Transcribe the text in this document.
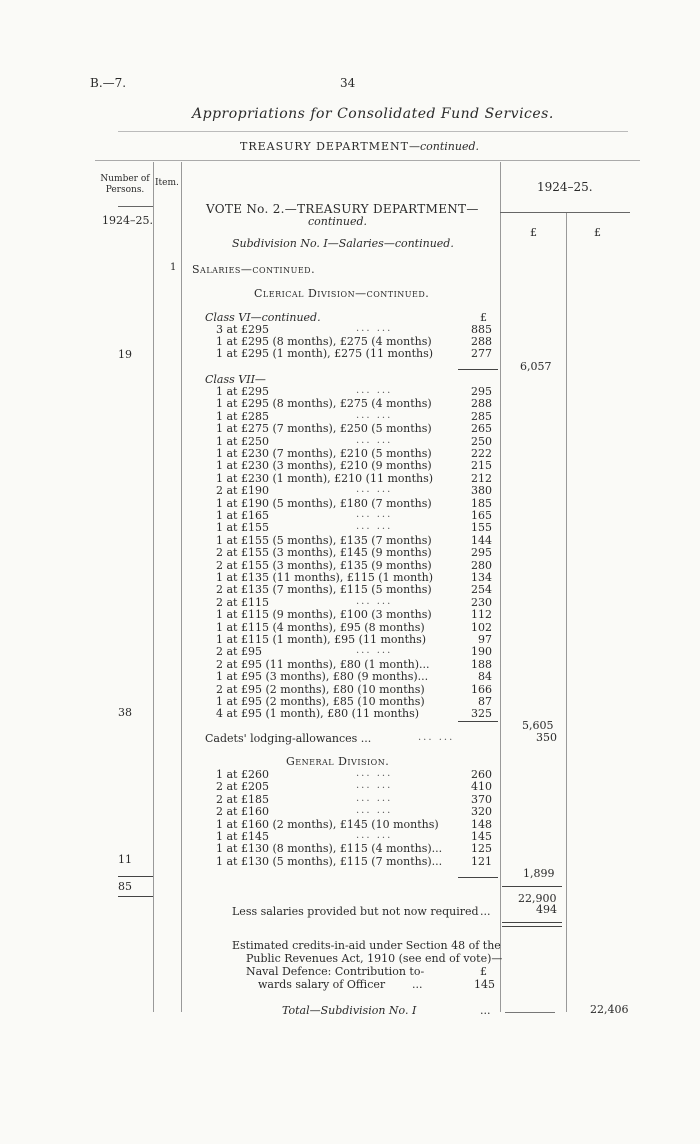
B.—7.	34
Appropriations for Consolidated Fund Services.
TREASURY DEPARTMENT—continued.
Number of Persons.
Item.	1924–25.
1924–25.
£	£
VOTE No. 2.—TREASURY DEPARTMENT—
continued.
Subdivision No. I—Salaries—continued.
1 Salaries—continued.
Clerical Division—continued.
Class VI—continued.	£
3 at £295	... ...	885
1 at £295 (8 months), £275 (4 months)	288
1 at £295 (1 month), £275 (11 months)	277
19
6,057
Class VII—
1 at £295	... ...	295
1 at £295 (8 months), £275 (4 months)	288
1 at £285	... ...	285
1 at £275 (7 months), £250 (5 months)	265
1 at £250	... ...	250
1 at £230 (7 months), £210 (5 months)	222
1 at £230 (3 months), £210 (9 months)	215
1 at £230 (1 month), £210 (11 months)	212
2 at £190	... ...	380
1 at £190 (5 months), £180 (7 months)	185
1 at £165	... ...	165
1 at £155	... ...	155
1 at £155 (5 months), £135 (7 months)	144
2 at £155 (3 months), £145 (9 months)	295
2 at £155 (3 months), £135 (9 months)	280
1 at £135 (11 months), £115 (1 month)	134
2 at £135 (7 months), £115 (5 months)	254
2 at £115	... ...	230
1 at £115 (9 months), £100 (3 months)	112
1 at £115 (4 months), £95 (8 months)	102
1 at £115 (1 month), £95 (11 months)	97
2 at £95	... ...	190
2 at £95 (11 months), £80 (1 month)...	188
1 at £95 (3 months), £80 (9 months)...	84
2 at £95 (2 months), £80 (10 months)	166
1 at £95 (2 months), £85 (10 months)	87
4 at £95 (1 month), £80 (11 months)	325
38
5,605
Cadets' lodging-allowances ...	... ...	350
General Division.
1 at £260	... ...	260
2 at £205	... ...	410
2 at £185	... ...	370
2 at £160	... ...	320
1 at £160 (2 months), £145 (10 months)	148
1 at £145	... ...	145
1 at £130 (8 months), £115 (4 months)...	125
1 at £130 (5 months), £115 (7 months)...	121
11
1,899
85
22,900
Less salaries provided but not now required ...	494
Estimated credits-in-aid under Section 48 of the
Public Revenues Act, 1910 (see end of vote)—
Naval Defence: Contribution to-	£
wards salary of Officer ...	145
Total—Subdivision No. I	...	22,406
